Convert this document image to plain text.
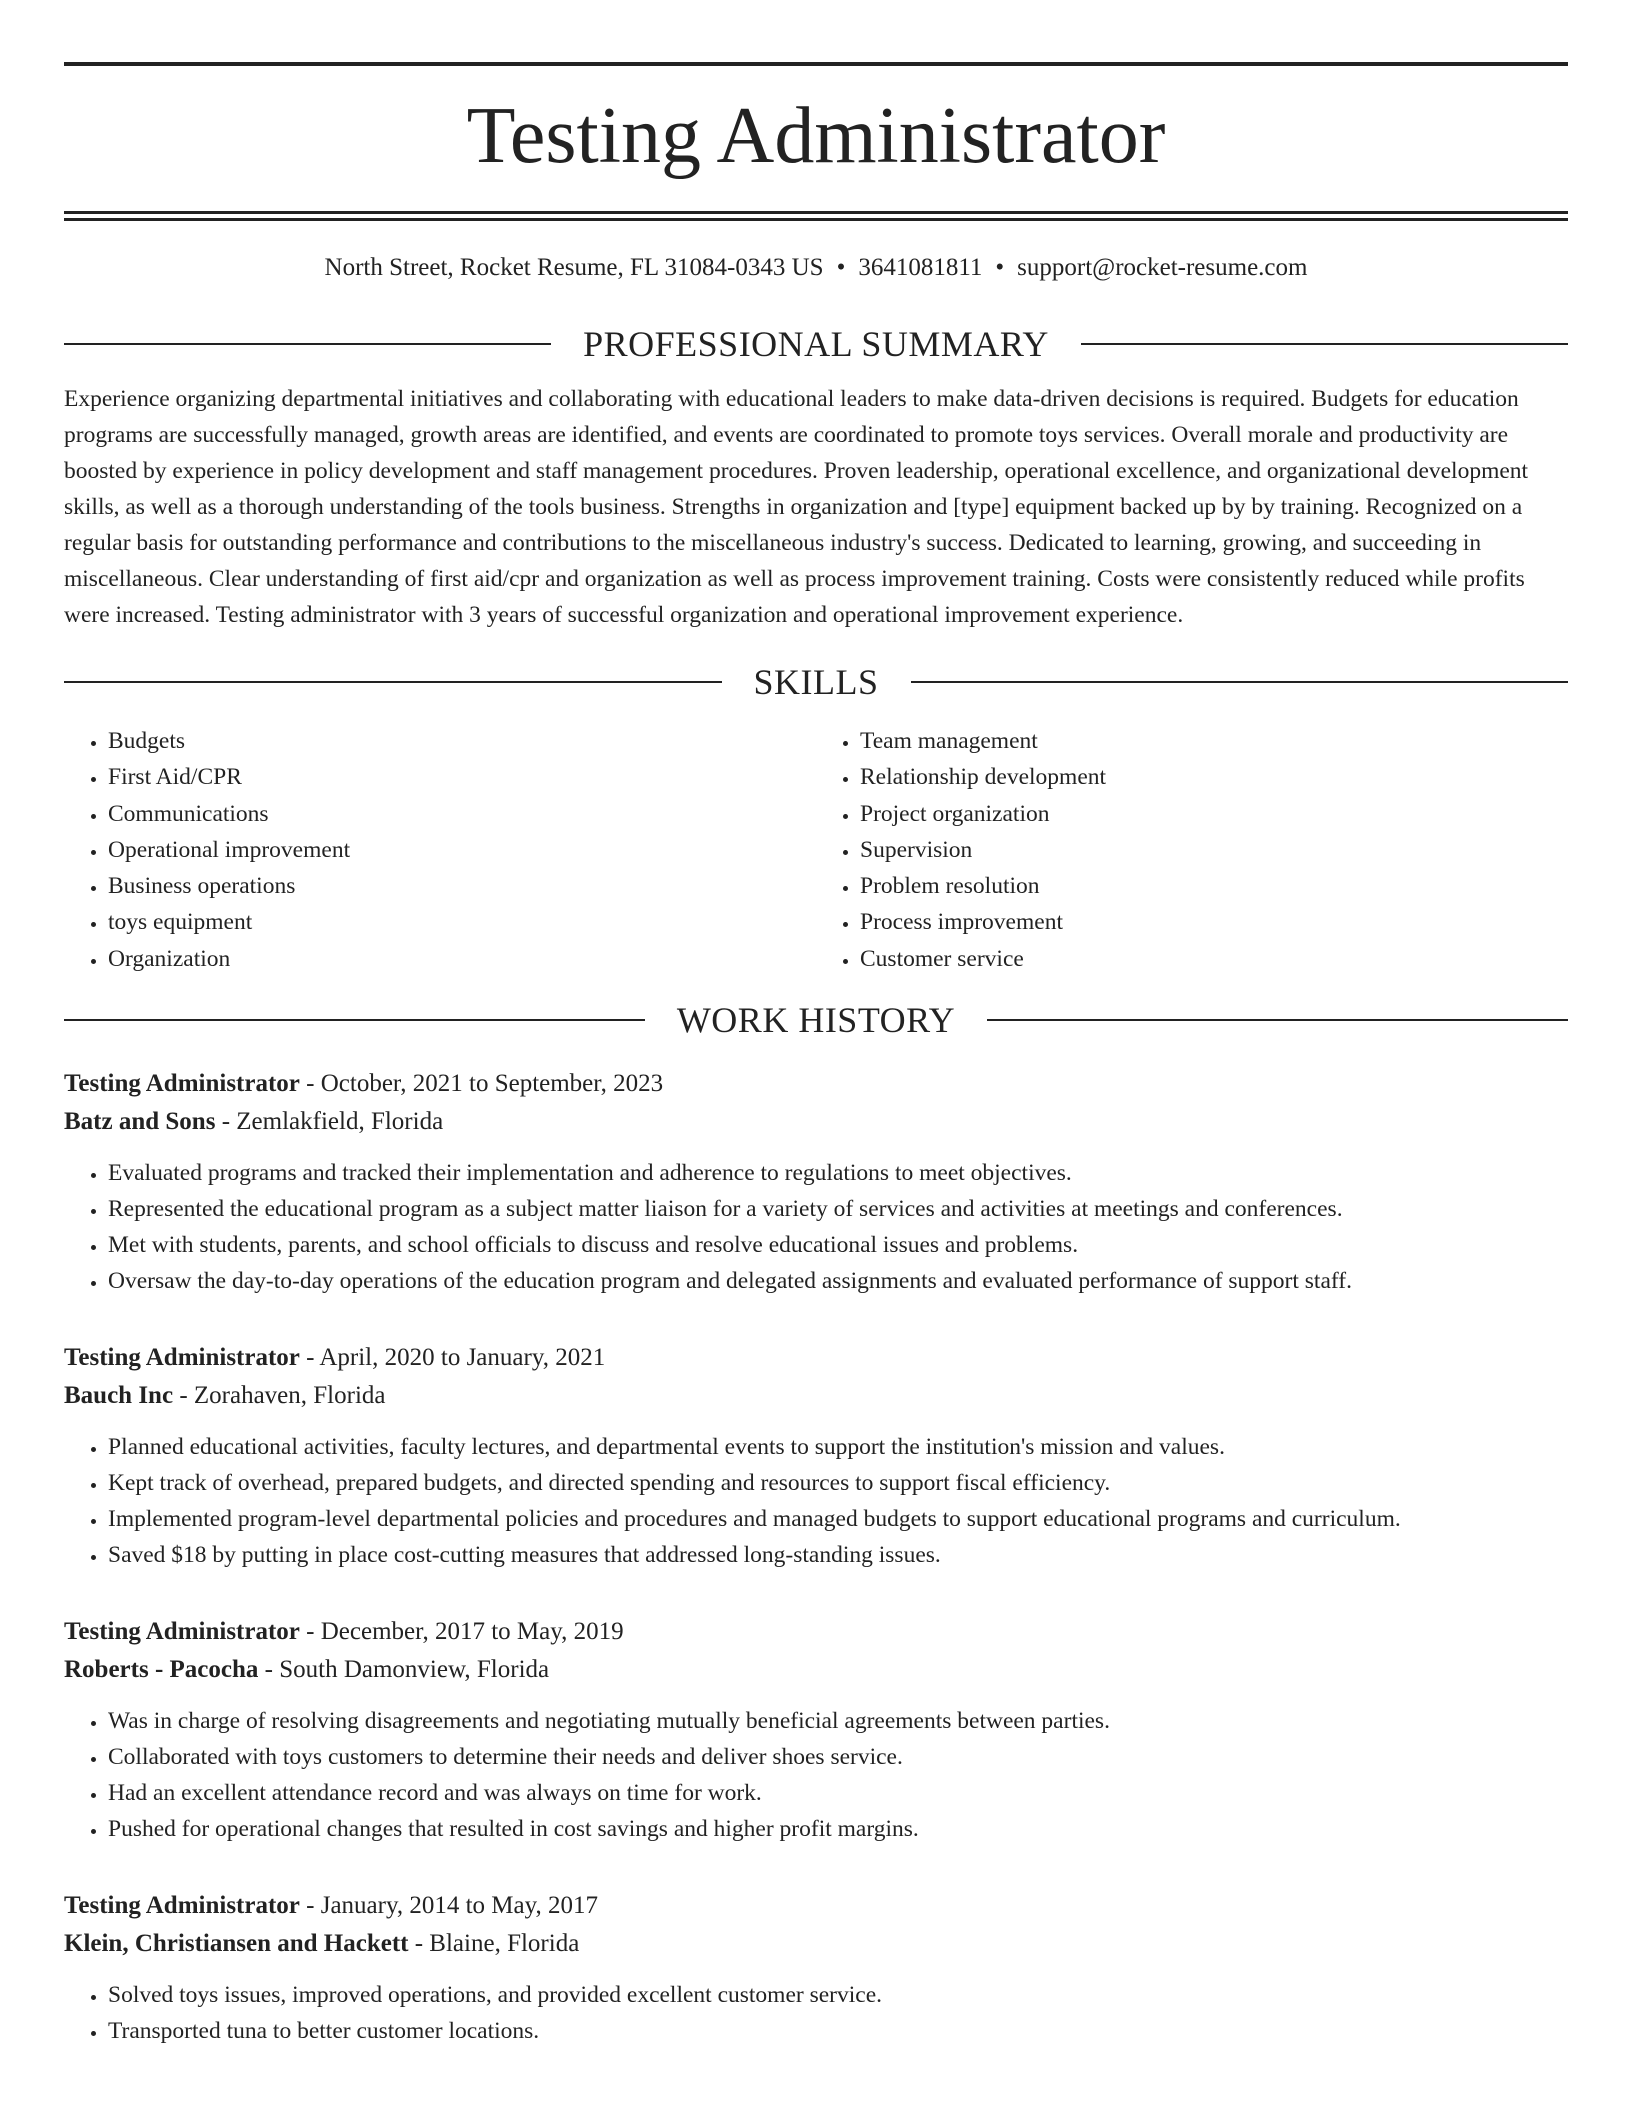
Testing Administrator
North Street, Rocket Resume, FL 31084-0343 US • 3641081811 • support@rocket-resume.com
PROFESSIONAL SUMMARY
Experience organizing departmental initiatives and collaborating with educational leaders to make data-driven decisions is required. Budgets for education programs are successfully managed, growth areas are identified, and events are coordinated to promote toys services. Overall morale and productivity are boosted by experience in policy development and staff management procedures. Proven leadership, operational excellence, and organizational development skills, as well as a thorough understanding of the tools business. Strengths in organization and [type] equipment backed up by by training. Recognized on a regular basis for outstanding performance and contributions to the miscellaneous industry's success. Dedicated to learning, growing, and succeeding in miscellaneous. Clear understanding of first aid/cpr and organization as well as process improvement training. Costs were consistently reduced while profits were increased. Testing administrator with 3 years of successful organization and operational improvement experience.
SKILLS
• Budgets
• First Aid/CPR
• Communications
• Operational improvement
• Business operations
• toys equipment
• Organization
• Team management
• Relationship development
• Project organization
• Supervision
• Problem resolution
• Process improvement
• Customer service
WORK HISTORY
Testing Administrator - October, 2021 to September, 2023
Batz and Sons - Zemlakfield, Florida
• Evaluated programs and tracked their implementation and adherence to regulations to meet objectives.
• Represented the educational program as a subject matter liaison for a variety of services and activities at meetings and conferences.
• Met with students, parents, and school officials to discuss and resolve educational issues and problems.
• Oversaw the day-to-day operations of the education program and delegated assignments and evaluated performance of support staff.
Testing Administrator - April, 2020 to January, 2021
Bauch Inc - Zorahaven, Florida
• Planned educational activities, faculty lectures, and departmental events to support the institution's mission and values.
• Kept track of overhead, prepared budgets, and directed spending and resources to support fiscal efficiency.
• Implemented program-level departmental policies and procedures and managed budgets to support educational programs and curriculum.
• Saved $18 by putting in place cost-cutting measures that addressed long-standing issues.
Testing Administrator - December, 2017 to May, 2019
Roberts - Pacocha - South Damonview, Florida
• Was in charge of resolving disagreements and negotiating mutually beneficial agreements between parties.
• Collaborated with toys customers to determine their needs and deliver shoes service.
• Had an excellent attendance record and was always on time for work.
• Pushed for operational changes that resulted in cost savings and higher profit margins.
Testing Administrator - January, 2014 to May, 2017
Klein, Christiansen and Hackett - Blaine, Florida
• Solved toys issues, improved operations, and provided excellent customer service.
• Transported tuna to better customer locations.
